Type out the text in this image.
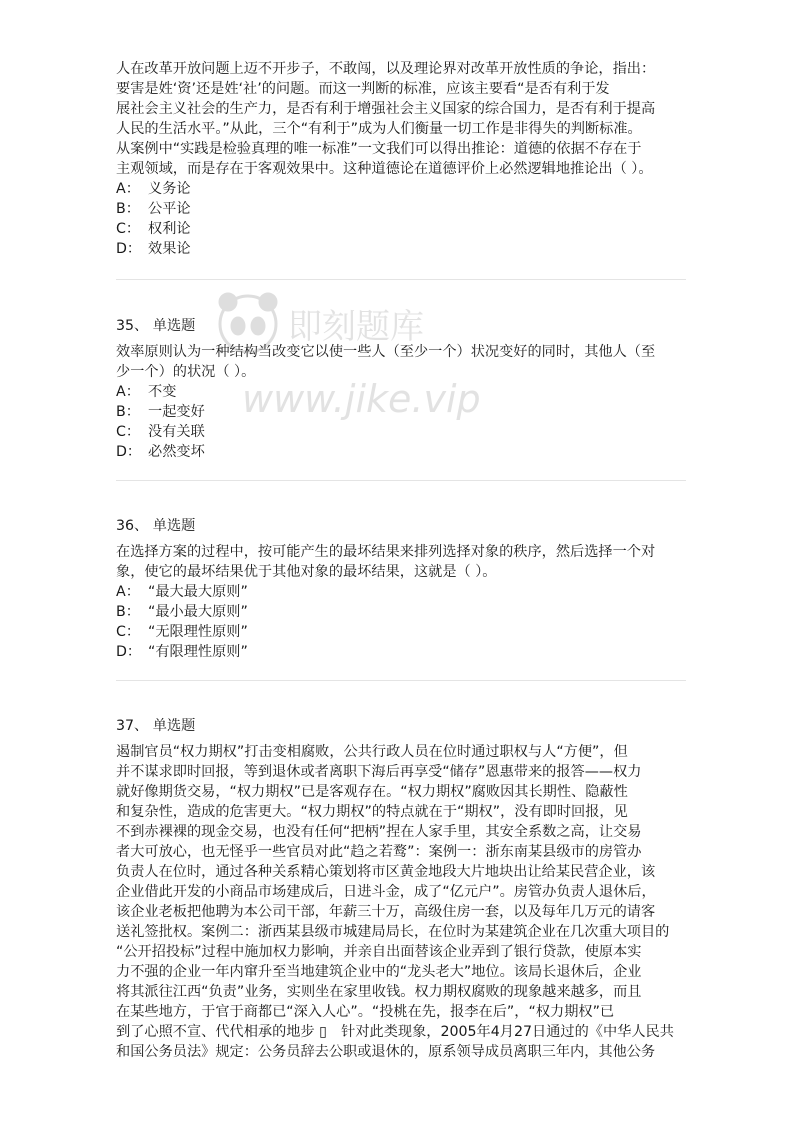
人在改革开放问题上迈不开步子，不敢闯，以及理论界对改革开放性质的争论，指出：

要害是姓‘资’还是姓‘社’的问题。而这一判断的标准，应该主要看“是否有利于发

展社会主义社会的生产力，是否有利于增强社会主义国家的综合国力，是否有利于提高

人民的生活水平。”从此，三个“有利于”成为人们衡量一切工作是非得失的判断标准。

从案例中“实践是检验真理的唯一标准”一文我们可以得出推论：道德的依据不存在于

主观领域，而是存在于客观效果中。这种道德论在道德评价上必然逻辑地推论出（ ）。

A： 义务论

B： 公平论

C： 权利论

D： 效果论

35、 单选题

效率原则认为一种结构当改变它以使一些人（至少一个）状况变好的同时，其他人（至

少一个）的状况（ ）。

A： 不变

B： 一起变好

C： 没有关联

D： 必然变坏

36、 单选题

在选择方案的过程中，按可能产生的最坏结果来排列选择对象的秩序，然后选择一个对

象，使它的最坏结果优于其他对象的最坏结果，这就是（ ）。

A： “最大最大原则”

B： “最小最大原则”

C： “无限理性原则”

D： “有限理性原则”

37、 单选题

遏制官员“权力期权”打击变相腐败，公共行政人员在位时通过职权与人“方便”，但

并不谋求即时回报，等到退休或者离职下海后再享受“储存”恩惠带来的报答——权力

就好像期货交易，“权力期权”已是客观存在。“权力期权”腐败因其长期性、隐蔽性

和复杂性，造成的危害更大。“权力期权”的特点就在于“期权”，没有即时回报，见

不到赤裸裸的现金交易，也没有任何“把柄”捏在人家手里，其安全系数之高，让交易

者大可放心，也无怪乎一些官员对此“趋之若鹜”：案例一：浙东南某县级市的房管办

负责人在位时，通过各种关系精心策划将市区黄金地段大片地块出让给某民营企业，该

企业借此开发的小商品市场建成后，日进斗金，成了“亿元户”。房管办负责人退休后，

该企业老板把他聘为本公司干部，年薪三十万，高级住房一套，以及每年几万元的请客

送礼签批权。案例二：浙西某县级市城建局局长，在位时为某建筑企业在几次重大项目的

“公开招投标”过程中施加权力影响，并亲自出面替该企业弄到了银行贷款，使原本实

力不强的企业一年内窜升至当地建筑企业中的“龙头老大”地位。该局长退休后，企业

将其派往江西“负责”业务，实则坐在家里收钱。权力期权腐败的现象越来越多，而且

在某些地方，于官于商都已“深入人心”。“投桃在先，报李在后”，“权力期权”已

到了心照不宣、代代相承的地步 ▯　针对此类现象，2005年4月27日通过的《中华人民共

和国公务员法》规定：公务员辞去公职或退休的，原系领导成员离职三年内，其他公务

即刻题库
www.jike.vip
